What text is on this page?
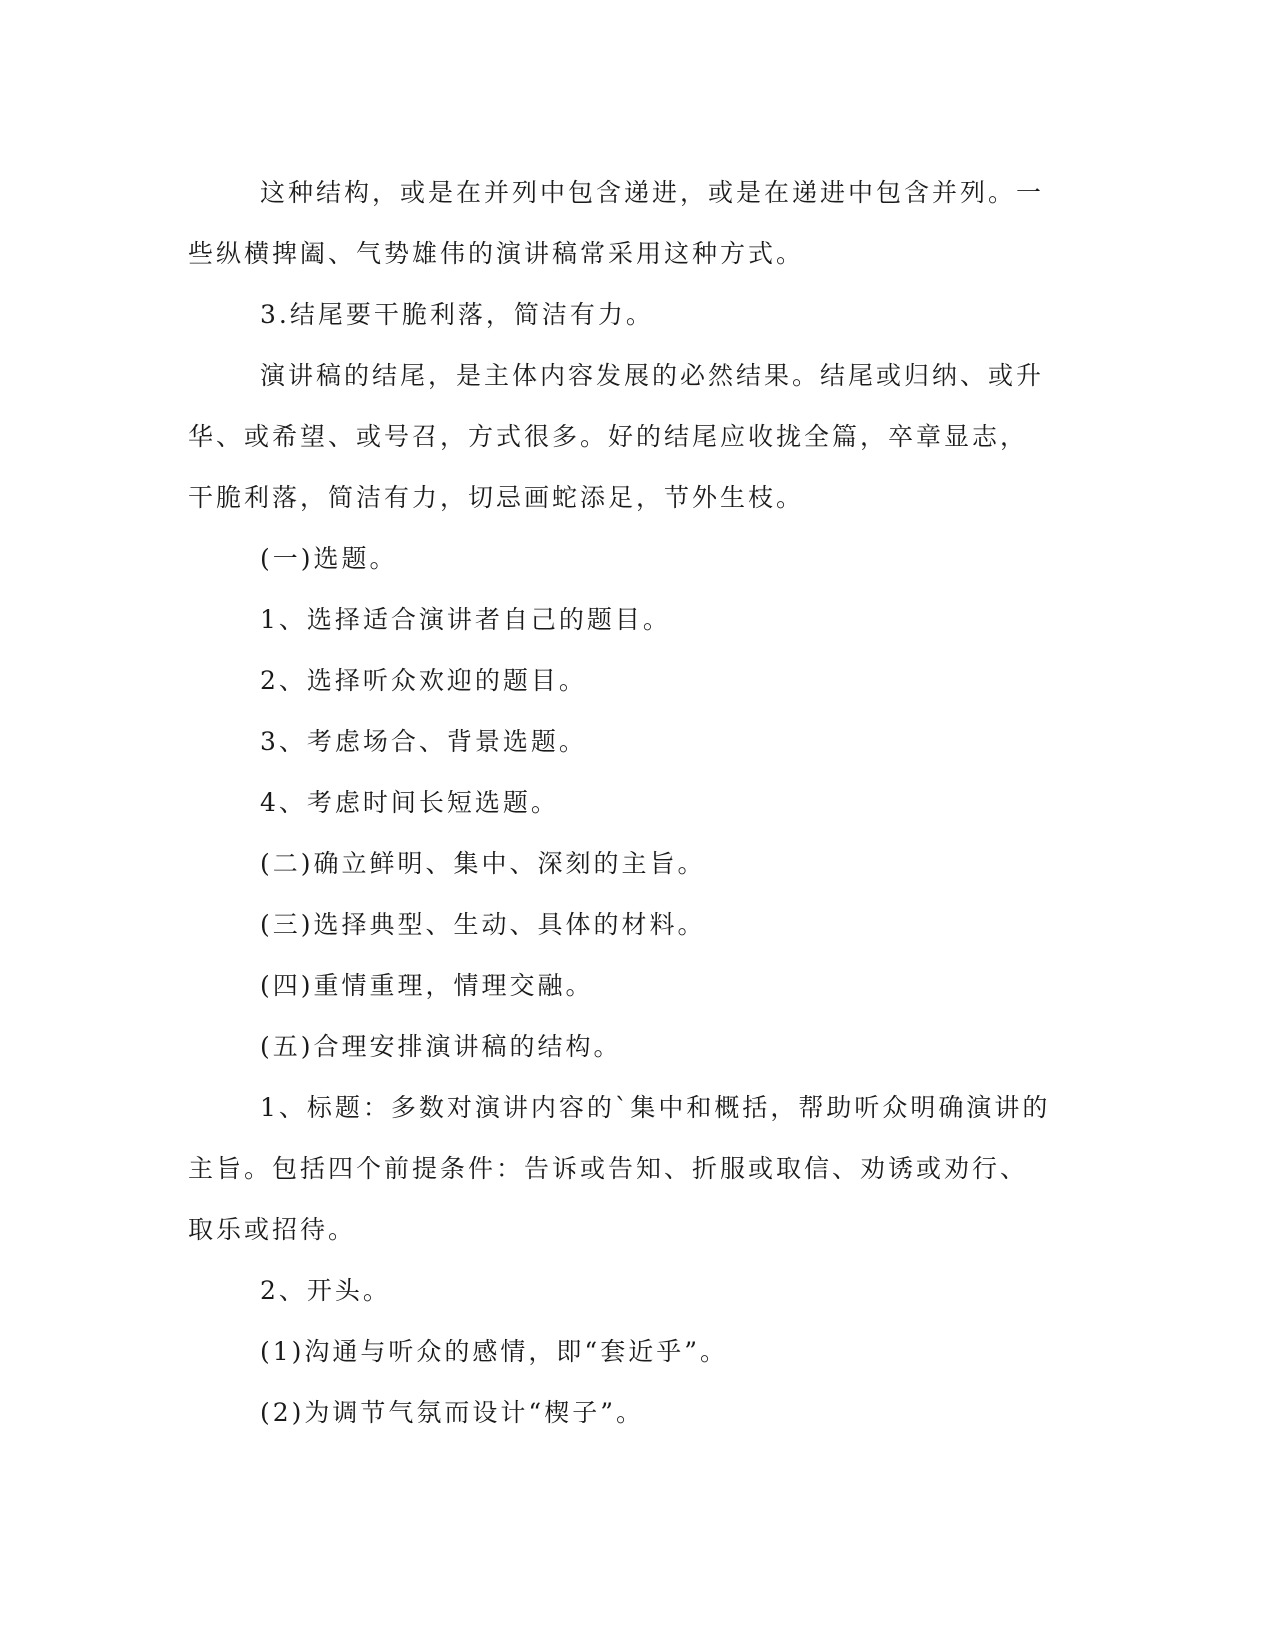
这种结构，或是在并列中包含递进，或是在递进中包含并列。一
些纵横捭阖、气势雄伟的演讲稿常采用这种方式。

3.结尾要干脆利落，简洁有力。

演讲稿的结尾，是主体内容发展的必然结果。结尾或归纳、或升
华、或希望、或号召，方式很多。好的结尾应收拢全篇，卒章显志，
干脆利落，简洁有力，切忌画蛇添足，节外生枝。

(一)选题。

1、选择适合演讲者自己的题目。

2、选择听众欢迎的题目。

3、考虑场合、背景选题。

4、考虑时间长短选题。

(二)确立鲜明、集中、深刻的主旨。

(三)选择典型、生动、具体的材料。

(四)重情重理，情理交融。

(五)合理安排演讲稿的结构。

1、标题：多数对演讲内容的`集中和概括，帮助听众明确演讲的
主旨。包括四个前提条件：告诉或告知、折服或取信、劝诱或劝行、
取乐或招待。

2、开头。

(1)沟通与听众的感情，即“套近乎”。

(2)为调节气氛而设计“楔子”。
